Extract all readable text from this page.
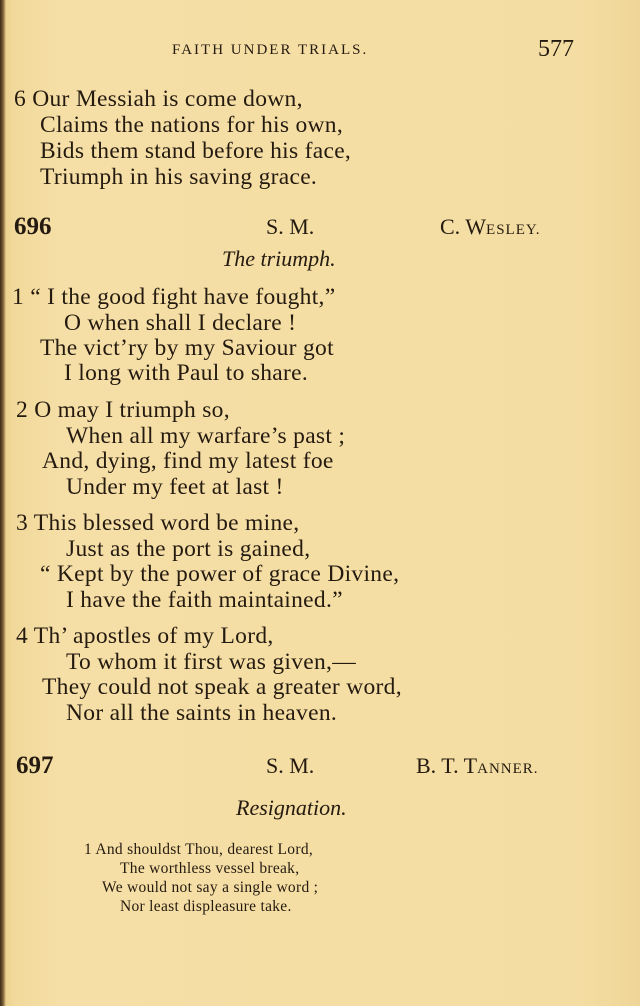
FAITH UNDER TRIALS.	577
6 Our Messiah is come down,
Claims the nations for his own,
Bids them stand before his face,
Triumph in his saving grace.
696	S. M.	C. WESLEY.
The triumph.
1 “ I the good fight have fought,”
O when shall I declare !
The vict’ry by my Saviour got
I long with Paul to share.
2 O may I triumph so,
When all my warfare’s past ;
And, dying, find my latest foe
Under my feet at last !
3 This blessed word be mine,
Just as the port is gained,
“ Kept by the power of grace Divine,
I have the faith maintained.”
4 Th’ apostles of my Lord,
To whom it first was given,—
They could not speak a greater word,
Nor all the saints in heaven.
697	S. M.	B. T. TANNER.
Resignation.
1 And shouldst Thou, dearest Lord,
The worthless vessel break,
We would not say a single word ;
Nor least displeasure take.
